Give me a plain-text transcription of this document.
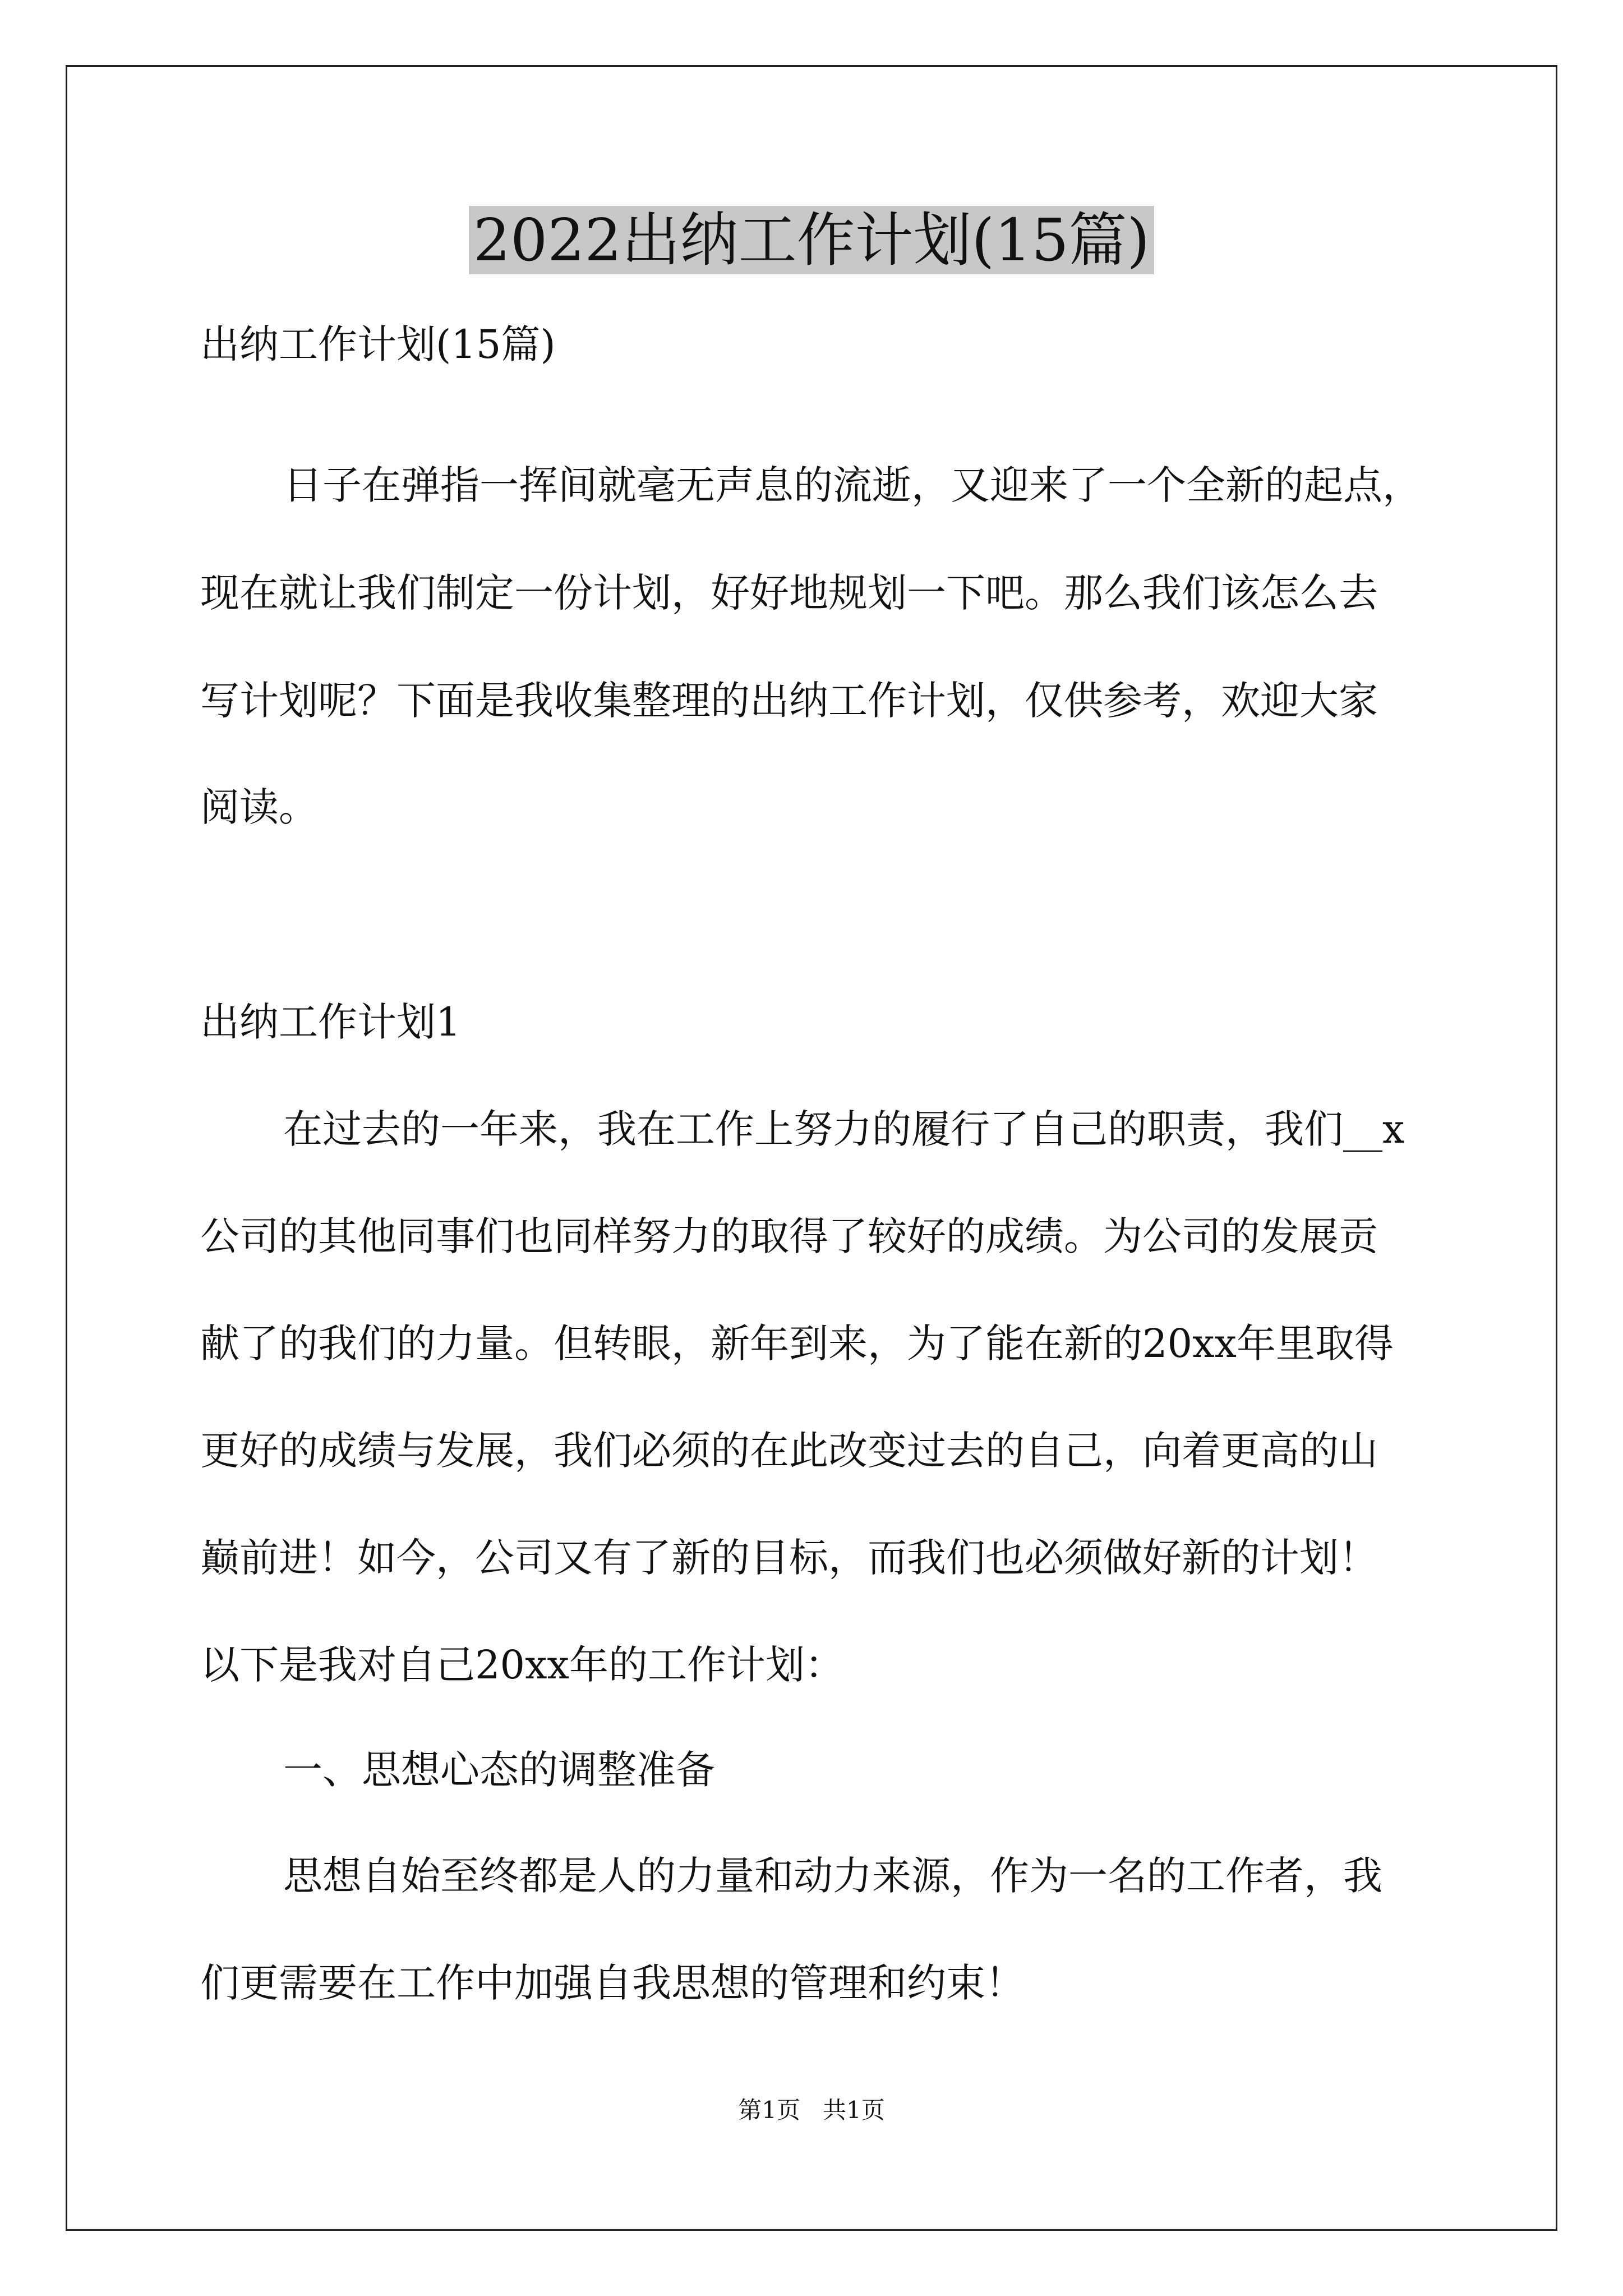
2022出纳工作计划(15篇)
出纳工作计划(15篇)
日子在弹指一挥间就毫无声息的流逝，又迎来了一个全新的起点，
现在就让我们制定一份计划，好好地规划一下吧。那么我们该怎么去
写计划呢？下面是我收集整理的出纳工作计划，仅供参考，欢迎大家
阅读。
出纳工作计划1
在过去的一年来，我在工作上努力的履行了自己的职责，我们__x
公司的其他同事们也同样努力的取得了较好的成绩。为公司的发展贡
献了的我们的力量。但转眼，新年到来，为了能在新的20xx年里取得
更好的成绩与发展，我们必须的在此改变过去的自己，向着更高的山
巅前进！如今，公司又有了新的目标，而我们也必须做好新的计划！
以下是我对自己20xx年的工作计划：
一、思想心态的调整准备
思想自始至终都是人的力量和动力来源，作为一名的工作者，我
们更需要在工作中加强自我思想的管理和约束！
第1页   共1页
